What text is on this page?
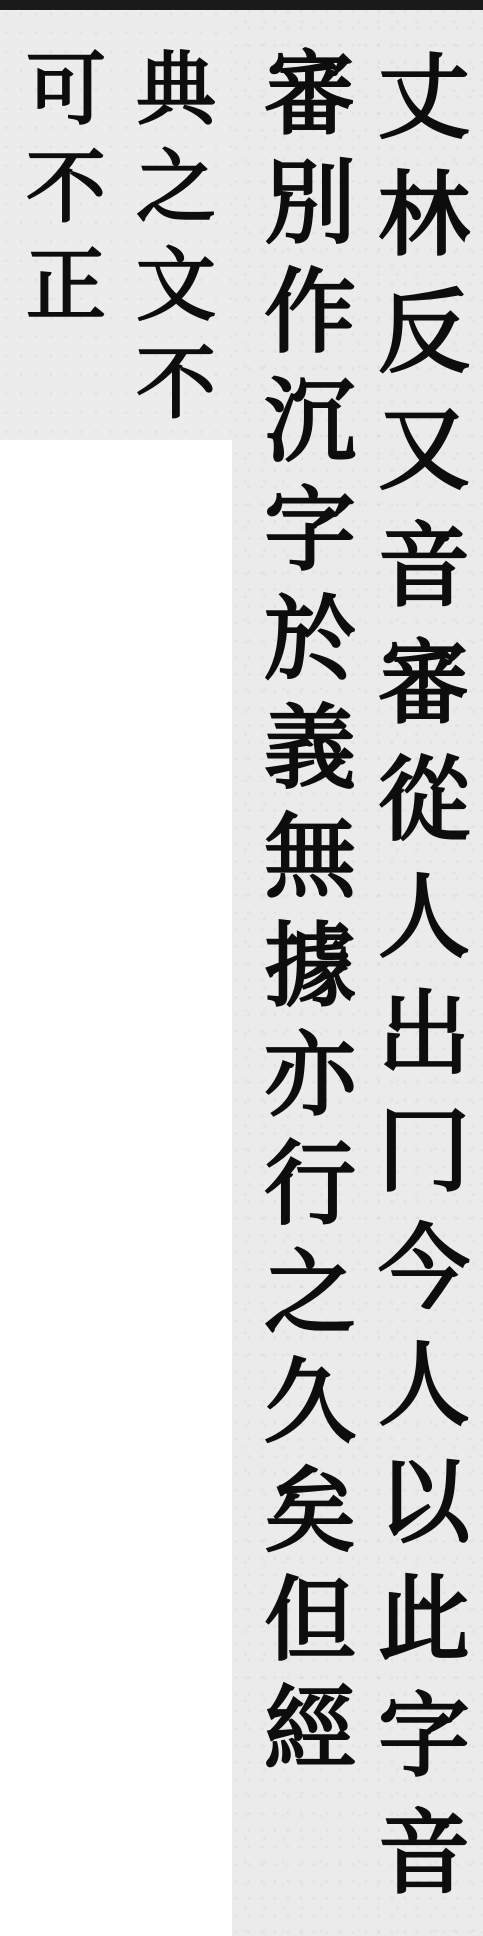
丈
林
反
又
音
審
從
人
出
冂
今
人
以
此
字
音
審
別
作
沉
字
於
義
無
據
亦
行
之
久
矣
但
經
典
之
文
不
可
不
正
